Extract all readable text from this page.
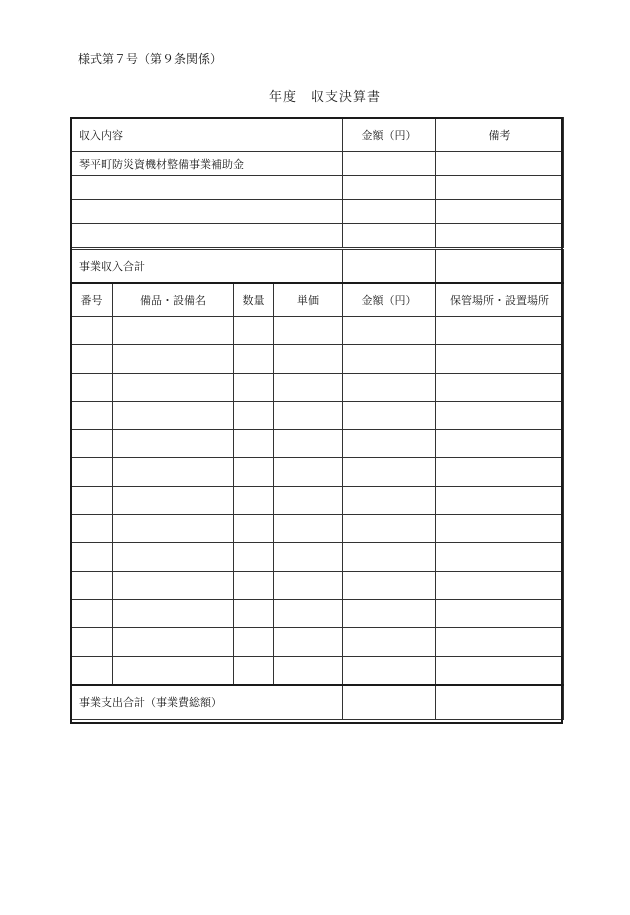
様式第７号（第９条関係）
年度　収支決算書
収入内容				金額（円）	備考
琴平町防災資機材整備事業補助金					

事業収入合計					
番号	備品・設備名	数量	単価	金額（円）	保管場所・設置場所

事業支出合計（事業費総額）					
